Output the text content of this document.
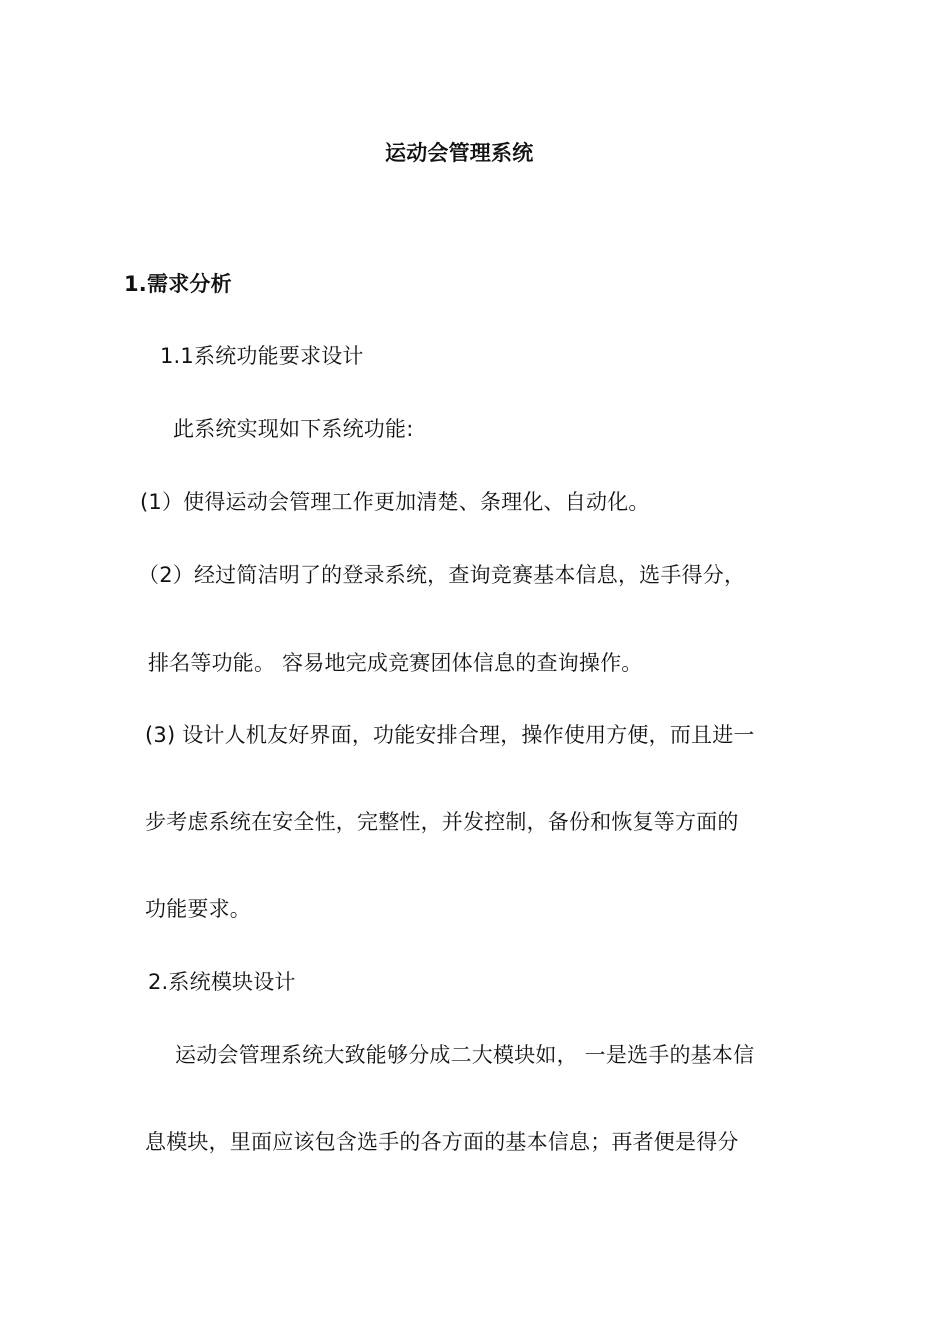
运动会管理系统
1.需求分析
1.1系统功能要求设计
此系统实现如下系统功能:
(1）使得运动会管理工作更加清楚、条理化、自动化。
（2）经过简洁明了的登录系统，查询竞赛基本信息，选手得分，
排名等功能。 容易地完成竞赛团体信息的查询操作。
(3) 设计人机友好界面，功能安排合理，操作使用方便，而且进一
步考虑系统在安全性，完整性，并发控制，备份和恢复等方面的
功能要求。
2.系统模块设计
运动会管理系统大致能够分成二大模块如， 一是选手的基本信
息模块，里面应该包含选手的各方面的基本信息；再者便是得分
